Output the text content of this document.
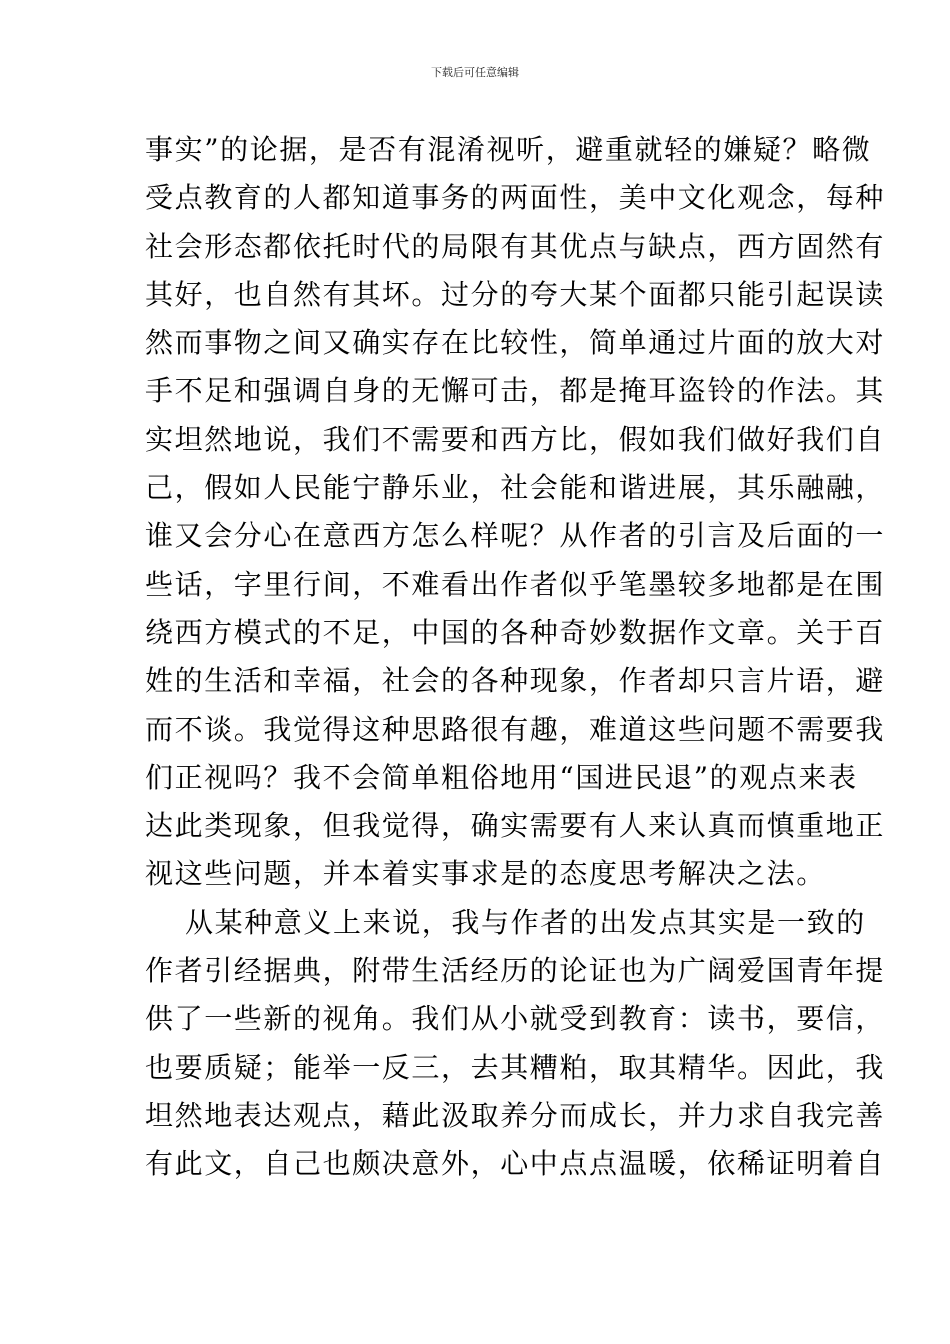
下载后可任意编辑
事实”的论据，是否有混淆视听，避重就轻的嫌疑？略微
受点教育的人都知道事务的两面性，美中文化观念，每种
社会形态都依托时代的局限有其优点与缺点，西方固然有
其好，也自然有其坏。过分的夸大某个面都只能引起误读
然而事物之间又确实存在比较性，简单通过片面的放大对
手不足和强调自身的无懈可击，都是掩耳盗铃的作法。其
实坦然地说，我们不需要和西方比，假如我们做好我们自
己，假如人民能宁静乐业，社会能和谐进展，其乐融融，
谁又会分心在意西方怎么样呢？从作者的引言及后面的一
些话，字里行间，不难看出作者似乎笔墨较多地都是在围
绕西方模式的不足，中国的各种奇妙数据作文章。关于百
姓的生活和幸福，社会的各种现象，作者却只言片语，避
而不谈。我觉得这种思路很有趣，难道这些问题不需要我
们正视吗？我不会简单粗俗地用“国进民退”的观点来表
达此类现象，但我觉得，确实需要有人来认真而慎重地正
视这些问题，并本着实事求是的态度思考解决之法。
从某种意义上来说，我与作者的出发点其实是一致的
作者引经据典，附带生活经历的论证也为广阔爱国青年提
供了一些新的视角。我们从小就受到教育：读书，要信，
也要质疑；能举一反三，去其糟粕，取其精华。因此，我
坦然地表达观点，藉此汲取养分而成长，并力求自我完善
有此文，自己也颇决意外，心中点点温暖，依稀证明着自
